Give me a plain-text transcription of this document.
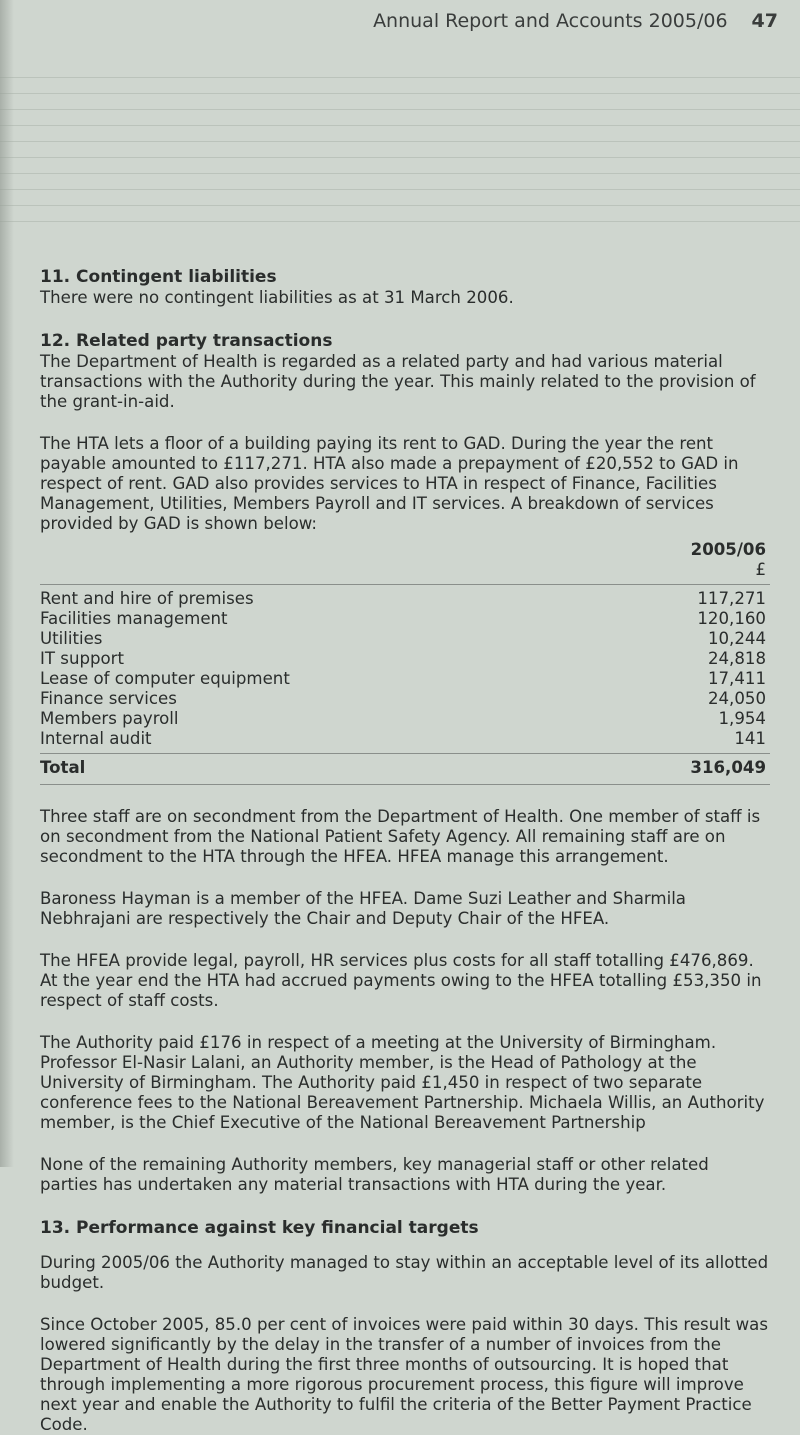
Annual Report and Accounts 2005/06 47
11. Contingent liabilities

There were no contingent liabilities as at 31 March 2006.

12. Related party transactions

The Department of Health is regarded as a related party and had various material transactions with the Authority during the year. This mainly related to the provision of the grant-in-aid.

The HTA lets a floor of a building paying its rent to GAD. During the year the rent payable amounted to £117,271. HTA also made a prepayment of £20,552 to GAD in respect of rent. GAD also provides services to HTA in respect of Finance, Facilities Management, Utilities, Members Payroll and IT services. A breakdown of services provided by GAD is shown below:

2005/06
£
Rent and hire of premises	117,271
Facilities management	120,160
Utilities	10,244
IT support	24,818
Lease of computer equipment	17,411
Finance services	24,050
Members payroll	1,954
Internal audit	141
Total	316,049

Three staff are on secondment from the Department of Health. One member of staff is on secondment from the National Patient Safety Agency. All remaining staff are on secondment to the HTA through the HFEA. HFEA manage this arrangement.

Baroness Hayman is a member of the HFEA. Dame Suzi Leather and Sharmila Nebhrajani are respectively the Chair and Deputy Chair of the HFEA.

The HFEA provide legal, payroll, HR services plus costs for all staff totalling £476,869. At the year end the HTA had accrued payments owing to the HFEA totalling £53,350 in respect of staff costs.

The Authority paid £176 in respect of a meeting at the University of Birmingham. Professor El-Nasir Lalani, an Authority member, is the Head of Pathology at the University of Birmingham. The Authority paid £1,450 in respect of two separate conference fees to the National Bereavement Partnership. Michaela Willis, an Authority member, is the Chief Executive of the National Bereavement Partnership

None of the remaining Authority members, key managerial staff or other related parties has undertaken any material transactions with HTA during the year.

13. Performance against key financial targets

During 2005/06 the Authority managed to stay within an acceptable level of its allotted budget.

Since October 2005, 85.0 per cent of invoices were paid within 30 days. This result was lowered significantly by the delay in the transfer of a number of invoices from the Department of Health during the first three months of outsourcing. It is hoped that through implementing a more rigorous procurement process, this figure will improve next year and enable the Authority to fulfil the criteria of the Better Payment Practice Code.
